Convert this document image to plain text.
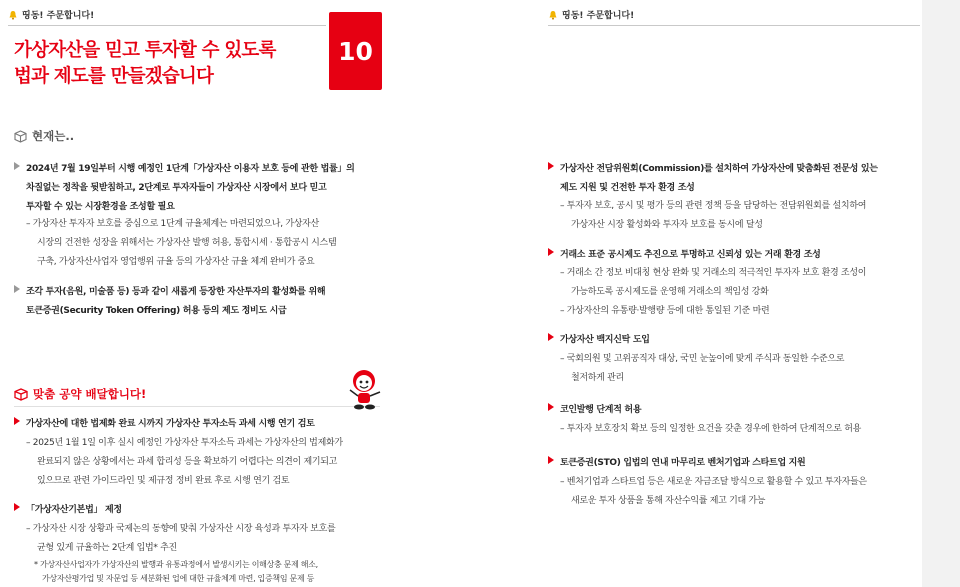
띵동! 주문합니다!
가상자산을 믿고 투자할 수 있도록
법과 제도를 만들겠습니다
10
현재는..
2024년 7월 19일부터 시행 예정인 1단계「가상자산 이용자 보호 등에 관한 법률」의
차질없는 정착을 뒷받침하고, 2단계로 투자자들이 가상자산 시장에서 보다 믿고
투자할 수 있는 시장환경을 조성할 필요
– 가상자산 투자자 보호를 중심으로 1단계 규율체계는 마련되었으나, 가상자산
시장의 건전한 성장을 위해서는 가상자산 발행 허용, 통합시세 · 통합공시 시스템
구축, 가상자산사업자 영업행위 규율 등의 가상자산 규율 체계 완비가 중요
조각 투자(음원, 미술품 등) 등과 같이 새롭게 등장한 자산투자의 활성화를 위해
토큰증권(Security Token Offering) 허용 등의 제도 정비도 시급
맞춤 공약 배달합니다!
가상자산에 대한 법제화 완료 시까지 가상자산 투자소득 과세 시행 연기 검토
– 2025년 1월 1일 이후 실시 예정인 가상자산 투자소득 과세는 가상자산의 법제화가
완료되지 않은 상황에서는 과세 합리성 등을 확보하기 어렵다는 의견이 제기되고
있으므로 관련 가이드라인 및 제규정 정비 완료 후로 시행 연기 검토
「가상자산기본법」 제정
– 가상자산 시장 상황과 국제논의 동향에 맞춰 가상자산 시장 육성과 투자자 보호를
균형 있게 규율하는 2단계 입법* 추진
* 가상자산사업자가 가상자산의 발행과 유통과정에서 발생시키는 이해상충 문제 해소,
가상자산평가업 및 자문업 등 세분화된 업에 대한 규율체계 마련, 입증책임 문제 등
띵동! 주문합니다!
가상자산 전담위원회(Commission)를 설치하여 가상자산에 맞춤화된 전문성 있는
제도 지원 및 건전한 투자 환경 조성
– 투자자 보호, 공시 및 평가 등의 관련 정책 등을 담당하는 전담위원회를 설치하여
가상자산 시장 활성화와 투자자 보호를 동시에 달성
거래소 표준 공시제도 추진으로 투명하고 신뢰성 있는 거래 환경 조성
– 거래소 간 정보 비대칭 현상 완화 및 거래소의 적극적인 투자자 보호 환경 조성이
가능하도록 공시제도를 운영해 거래소의 책임성 강화
– 가상자산의 유통량·발행량 등에 대한 통일된 기준 마련
가상자산 백지신탁 도입
– 국회의원 및 고위공직자 대상, 국민 눈높이에 맞게 주식과 동일한 수준으로
철저하게 관리
코인발행 단계적 허용
– 투자자 보호장치 확보 등의 일정한 요건을 갖춘 경우에 한하여 단계적으로 허용
토큰증권(STO) 입법의 연내 마무리로 벤처기업과 스타트업 지원
– 벤처기업과 스타트업 등은 새로운 자금조달 방식으로 활용할 수 있고 투자자들은
새로운 투자 상품을 통해 자산수익률 제고 기대 가능
